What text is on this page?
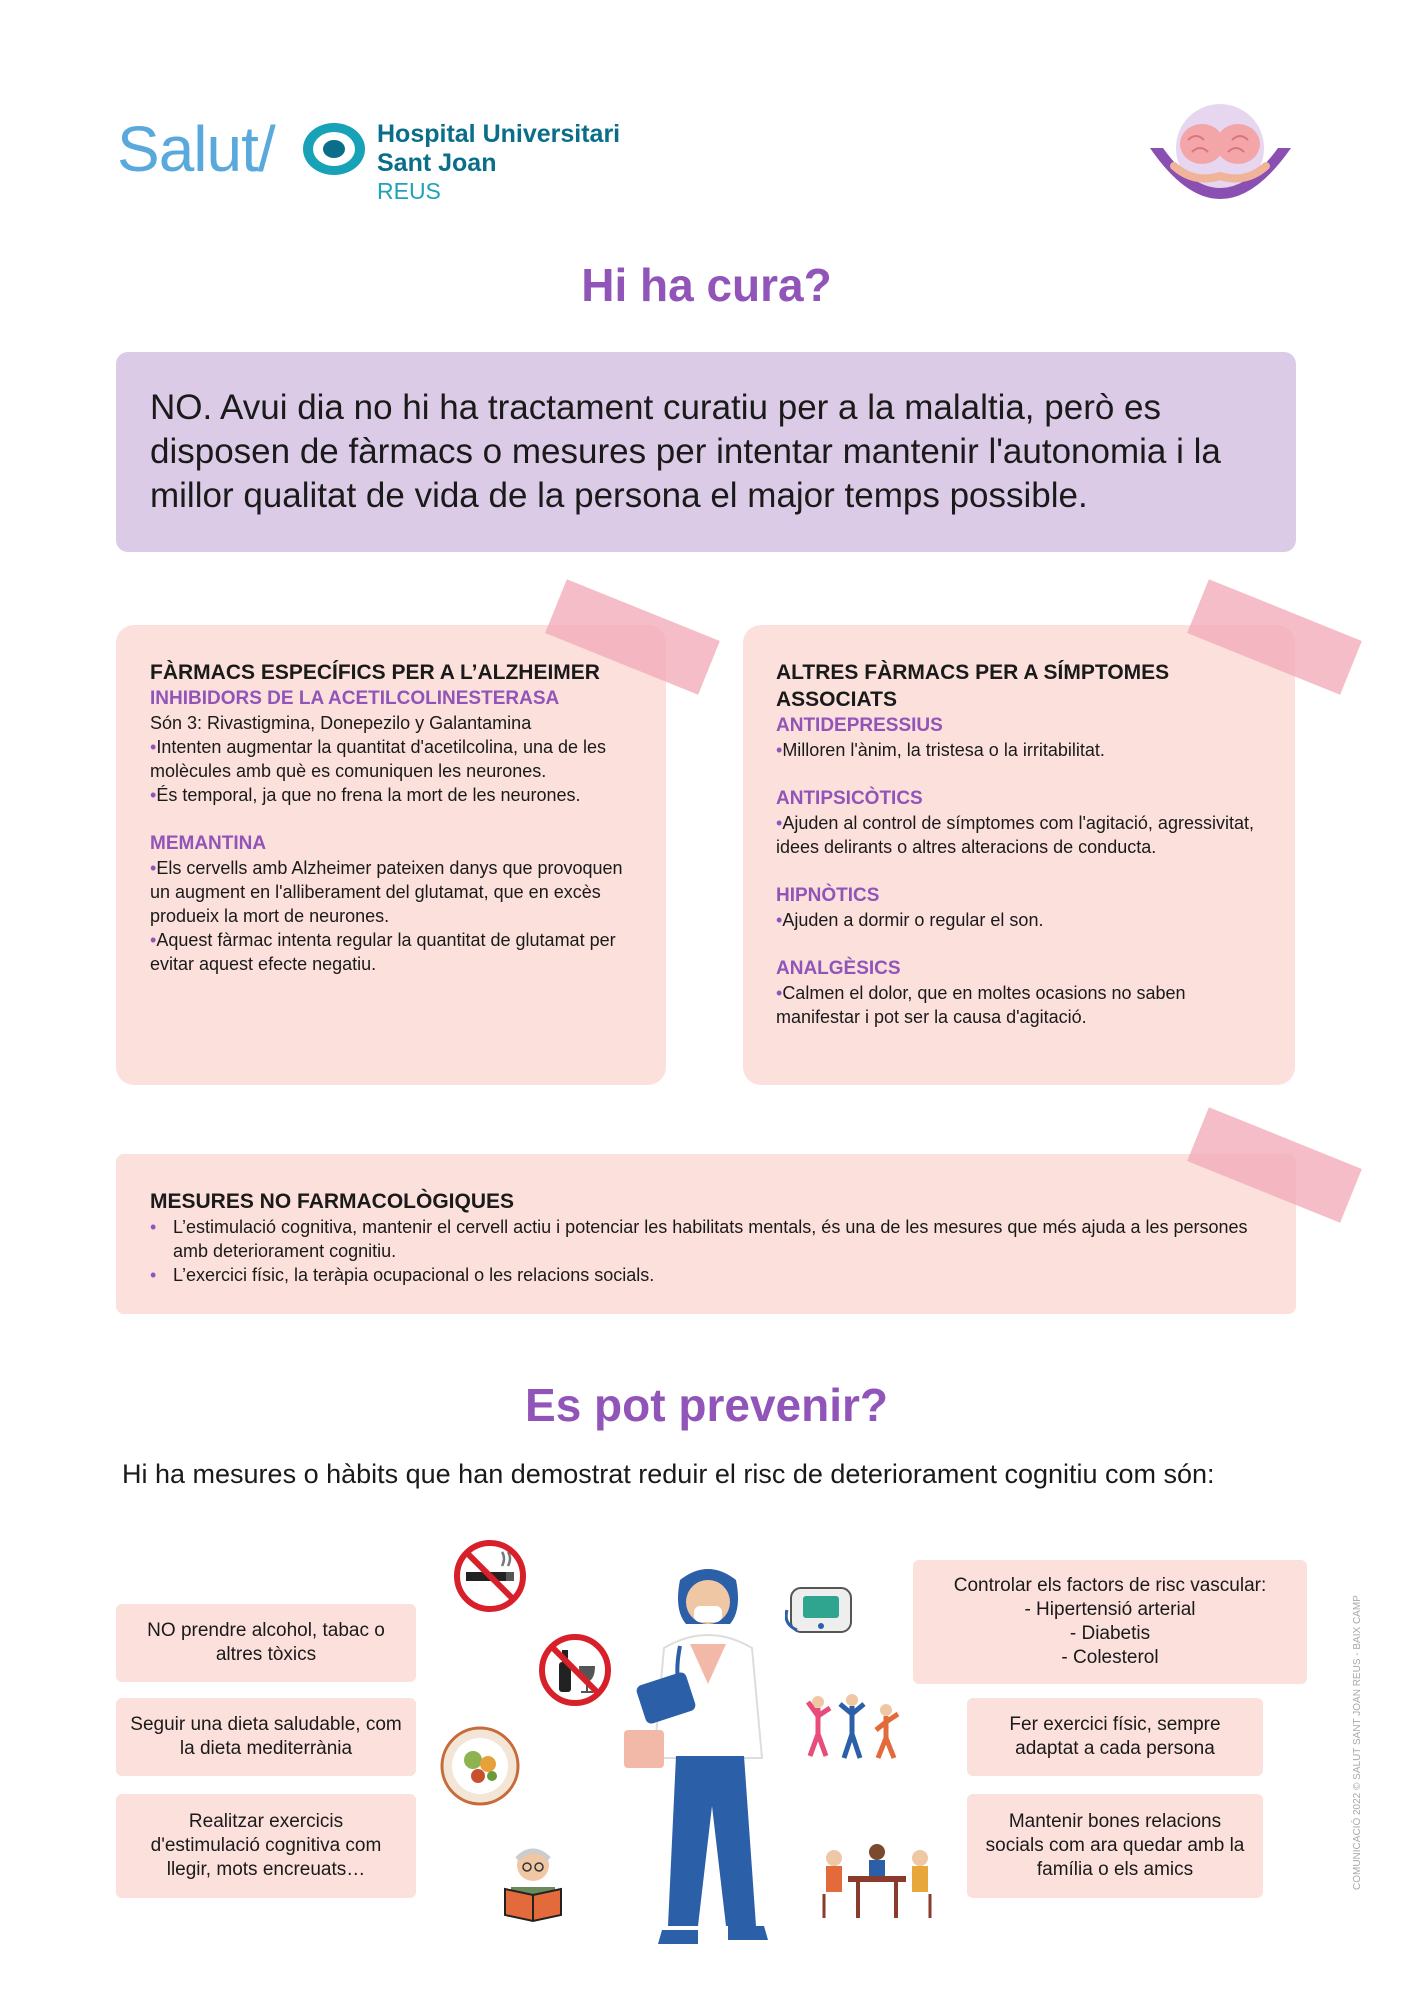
Salut/	Hospital Universitari
Sant Joan
REUS
Hi ha cura?

NO. Avui dia no hi ha tractament curatiu per a la malaltia, però es disposen de fàrmacs o mesures per intentar mantenir l'autonomia i la millor qualitat de vida de la persona el major temps possible.

FÀRMACS ESPECÍFICS PER A L’ALZHEIMER
INHIBIDORS DE LA ACETILCOLINESTERASA
Són 3: Rivastigmina, Donepezilo y Galantamina
•Intenten augmentar la quantitat d'acetilcolina, una de les molècules amb què es comuniquen les neurones.
•És temporal, ja que no frena la mort de les neurones.
MEMANTINA
•Els cervells amb Alzheimer pateixen danys que provoquen un augment en l'alliberament del glutamat, que en excès produeix la mort de neurones.
•Aquest fàrmac intenta regular la quantitat de glutamat per evitar aquest efecte negatiu.
ALTRES FÀRMACS PER A SÍMPTOMES ASSOCIATS
ANTIDEPRESSIUS
•Milloren l'ànim, la tristesa o la irritabilitat.
ANTIPSICÒTICS
•Ajuden al control de símptomes com l'agitació, agressivitat, idees delirants o altres alteracions de conducta.
HIPNÒTICS
•Ajuden a dormir o regular el son.
ANALGÈSICS
•Calmen el dolor, que en moltes ocasions no saben manifestar i pot ser la causa d'agitació.
MESURES NO FARMACOLÒGIQUES
• L’estimulació cognitiva, mantenir el cervell actiu i potenciar les habilitats mentals, és una de les mesures que més ajuda a les persones amb deteriorament cognitiu.
• L’exercici físic, la teràpia ocupacional o les relacions socials.
Es pot prevenir?
Hi ha mesures o hàbits que han demostrat reduir el risc de deteriorament cognitiu com són:
NO prendre alcohol, tabac o altres tòxics
Seguir una dieta saludable, com la dieta mediterrània
Realitzar exercicis d'estimulació cognitiva com llegir, mots encreuats…
Controlar els factors de risc vascular:
- Hipertensió arterial
- Diabetis
- Colesterol
Fer exercici físic, sempre adaptat a cada persona
Mantenir bones relacions socials com ara quedar amb la família o els amics	COMUNICACIÓ 2022 © SALUT SANT JOAN REUS - BAIX CAMP
